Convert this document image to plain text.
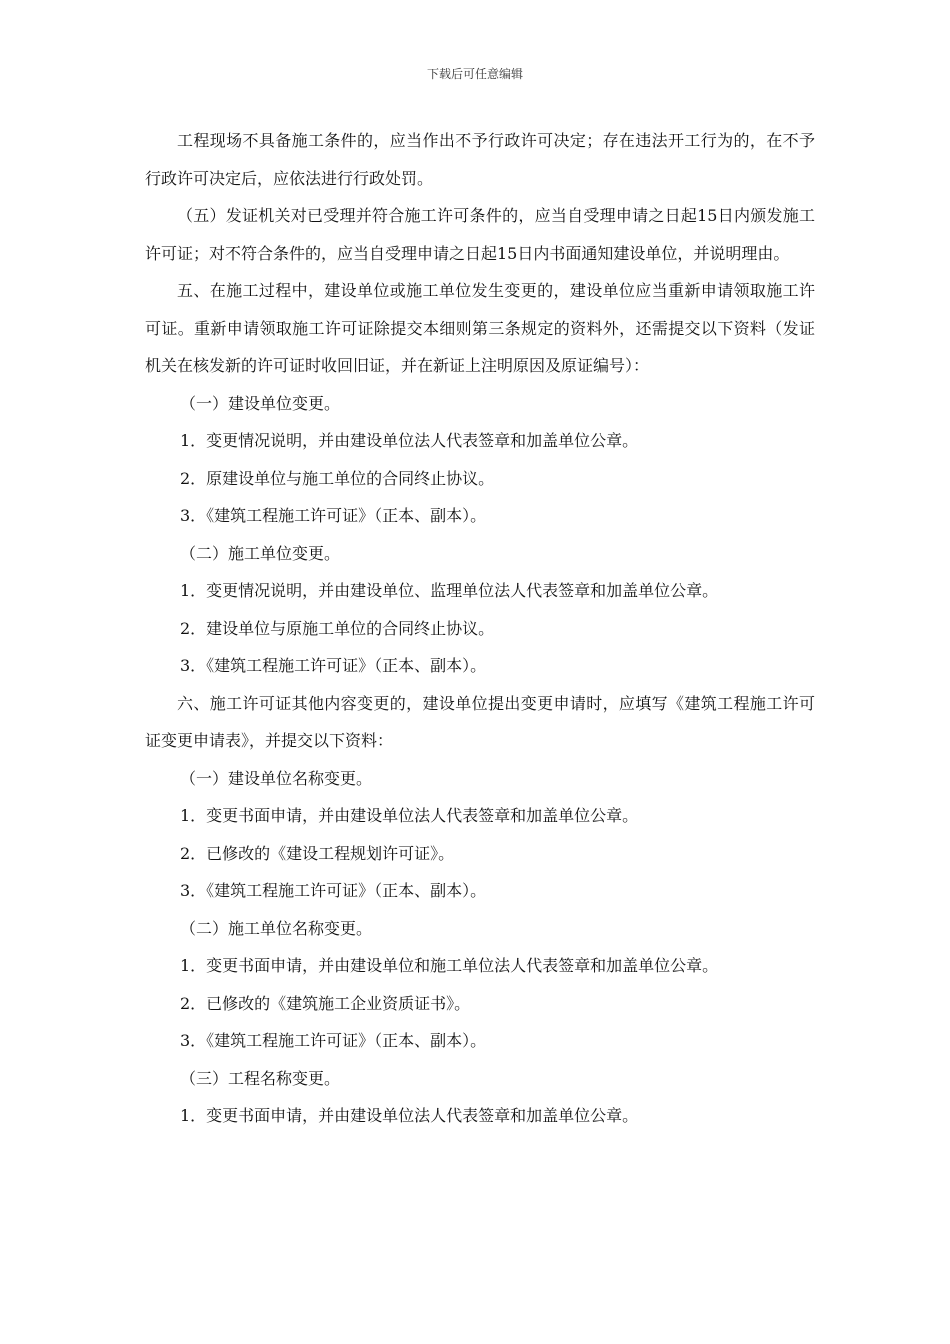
下载后可任意编辑

工程现场不具备施工条件的，应当作出不予行政许可决定；存在违法开工行为的，在不予行政许可决定后，应依法进行行政处罚。

（五）发证机关对已受理并符合施工许可条件的，应当自受理申请之日起15日内颁发施工许可证；对不符合条件的，应当自受理申请之日起15日内书面通知建设单位，并说明理由。

五、在施工过程中，建设单位或施工单位发生变更的，建设单位应当重新申请领取施工许可证。重新申请领取施工许可证除提交本细则第三条规定的资料外，还需提交以下资料（发证机关在核发新的许可证时收回旧证，并在新证上注明原因及原证编号）：

（一）建设单位变更。

1．变更情况说明，并由建设单位法人代表签章和加盖单位公章。

2．原建设单位与施工单位的合同终止协议。

3．《建筑工程施工许可证》（正本、副本）。

（二）施工单位变更。

1．变更情况说明，并由建设单位、监理单位法人代表签章和加盖单位公章。

2．建设单位与原施工单位的合同终止协议。

3．《建筑工程施工许可证》（正本、副本）。

六、施工许可证其他内容变更的，建设单位提出变更申请时，应填写《建筑工程施工许可证变更申请表》，并提交以下资料：

（一）建设单位名称变更。

1．变更书面申请，并由建设单位法人代表签章和加盖单位公章。

2．已修改的《建设工程规划许可证》。

3．《建筑工程施工许可证》（正本、副本）。

（二）施工单位名称变更。

1．变更书面申请，并由建设单位和施工单位法人代表签章和加盖单位公章。

2．已修改的《建筑施工企业资质证书》。

3．《建筑工程施工许可证》（正本、副本）。

（三）工程名称变更。

1．变更书面申请，并由建设单位法人代表签章和加盖单位公章。
